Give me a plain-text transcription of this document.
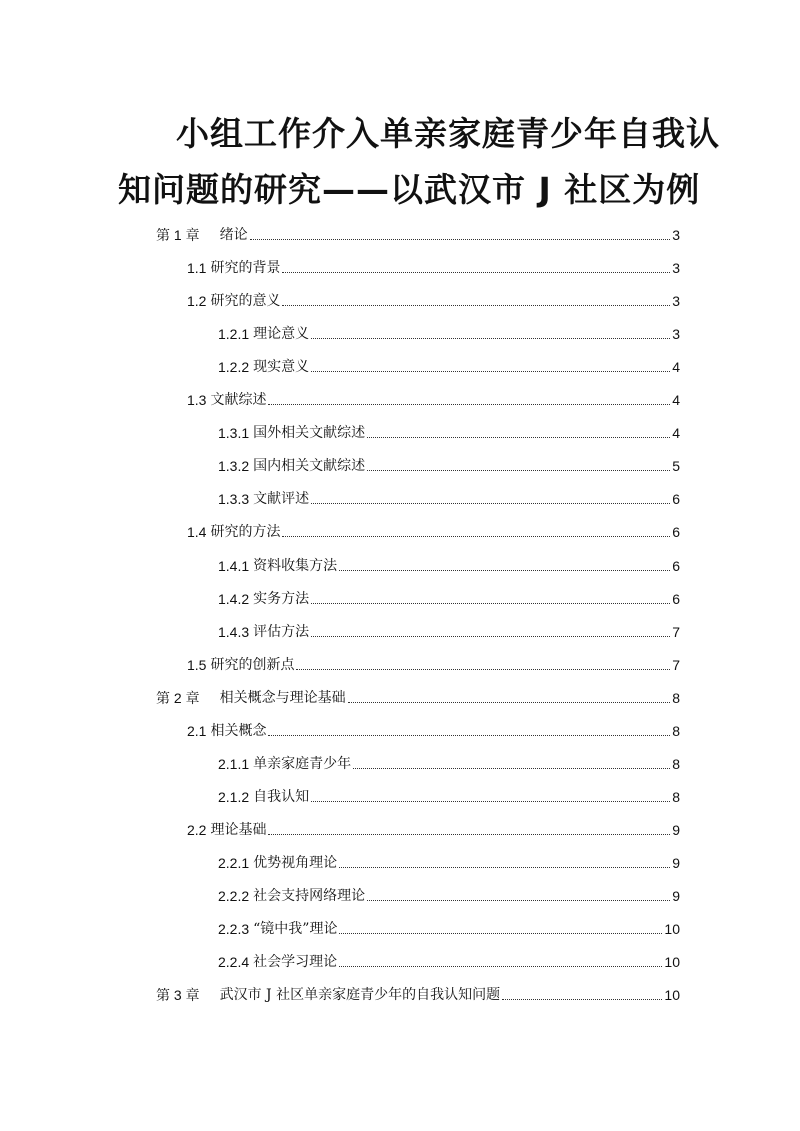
小组工作介入单亲家庭青少年自我认
知问题的研究——以武汉市 J 社区为例
第 1 章 绪论	3
1.1 研究的背景	3
1.2 研究的意义	3
1.2.1 理论意义	3
1.2.2 现实意义	4
1.3 文献综述	4
1.3.1 国外相关文献综述	4
1.3.2 国内相关文献综述	5
1.3.3 文献评述	6
1.4 研究的方法	6
1.4.1 资料收集方法	6
1.4.2 实务方法	6
1.4.3 评估方法	7
1.5 研究的创新点	7
第 2 章 相关概念与理论基础	8
2.1 相关概念	8
2.1.1 单亲家庭青少年	8
2.1.2 自我认知	8
2.2 理论基础	9
2.2.1 优势视角理论	9
2.2.2 社会支持网络理论	9
2.2.3 “镜中我”理论	10
2.2.4 社会学习理论	10
第 3 章 武汉市 J 社区单亲家庭青少年的自我认知问题	10
